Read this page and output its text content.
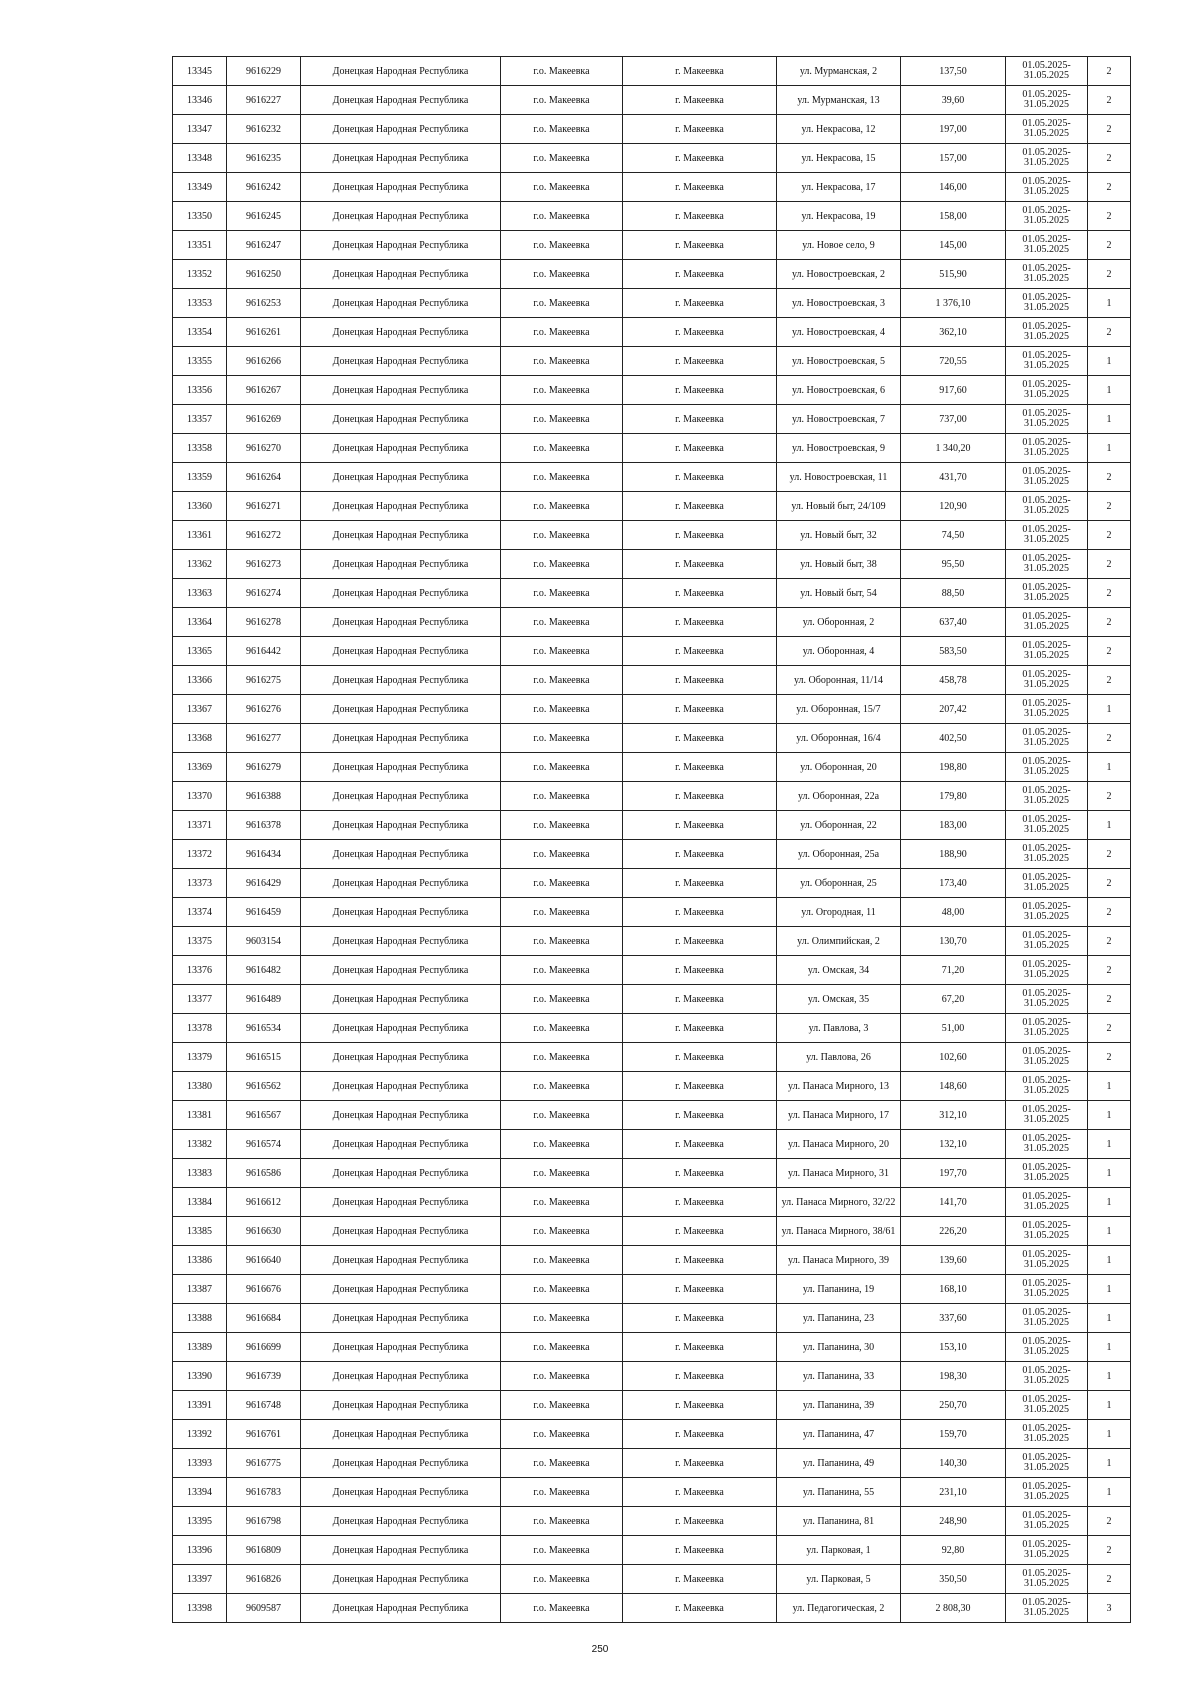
13345	9616229	Донецкая Народная Республика	г.о. Макеевка	г. Макеевка	ул. Мурманская, 2	137,50	01.05.2025- 31.05.2025	2
13346	9616227	Донецкая Народная Республика	г.о. Макеевка	г. Макеевка	ул. Мурманская, 13	39,60	01.05.2025- 31.05.2025	2
13347	9616232	Донецкая Народная Республика	г.о. Макеевка	г. Макеевка	ул. Некрасова, 12	197,00	01.05.2025- 31.05.2025	2
13348	9616235	Донецкая Народная Республика	г.о. Макеевка	г. Макеевка	ул. Некрасова, 15	157,00	01.05.2025- 31.05.2025	2
13349	9616242	Донецкая Народная Республика	г.о. Макеевка	г. Макеевка	ул. Некрасова, 17	146,00	01.05.2025- 31.05.2025	2
13350	9616245	Донецкая Народная Республика	г.о. Макеевка	г. Макеевка	ул. Некрасова, 19	158,00	01.05.2025- 31.05.2025	2
13351	9616247	Донецкая Народная Республика	г.о. Макеевка	г. Макеевка	ул. Новое село, 9	145,00	01.05.2025- 31.05.2025	2
13352	9616250	Донецкая Народная Республика	г.о. Макеевка	г. Макеевка	ул. Новостроевская, 2	515,90	01.05.2025- 31.05.2025	2
13353	9616253	Донецкая Народная Республика	г.о. Макеевка	г. Макеевка	ул. Новостроевская, 3	1 376,10	01.05.2025- 31.05.2025	1
13354	9616261	Донецкая Народная Республика	г.о. Макеевка	г. Макеевка	ул. Новостроевская, 4	362,10	01.05.2025- 31.05.2025	2
13355	9616266	Донецкая Народная Республика	г.о. Макеевка	г. Макеевка	ул. Новостроевская, 5	720,55	01.05.2025- 31.05.2025	1
13356	9616267	Донецкая Народная Республика	г.о. Макеевка	г. Макеевка	ул. Новостроевская, 6	917,60	01.05.2025- 31.05.2025	1
13357	9616269	Донецкая Народная Республика	г.о. Макеевка	г. Макеевка	ул. Новостроевская, 7	737,00	01.05.2025- 31.05.2025	1
13358	9616270	Донецкая Народная Республика	г.о. Макеевка	г. Макеевка	ул. Новостроевская, 9	1 340,20	01.05.2025- 31.05.2025	1
13359	9616264	Донецкая Народная Республика	г.о. Макеевка	г. Макеевка	ул. Новостроевская, 11	431,70	01.05.2025- 31.05.2025	2
13360	9616271	Донецкая Народная Республика	г.о. Макеевка	г. Макеевка	ул. Новый быт, 24/109	120,90	01.05.2025- 31.05.2025	2
13361	9616272	Донецкая Народная Республика	г.о. Макеевка	г. Макеевка	ул. Новый быт, 32	74,50	01.05.2025- 31.05.2025	2
13362	9616273	Донецкая Народная Республика	г.о. Макеевка	г. Макеевка	ул. Новый быт, 38	95,50	01.05.2025- 31.05.2025	2
13363	9616274	Донецкая Народная Республика	г.о. Макеевка	г. Макеевка	ул. Новый быт, 54	88,50	01.05.2025- 31.05.2025	2
13364	9616278	Донецкая Народная Республика	г.о. Макеевка	г. Макеевка	ул. Оборонная, 2	637,40	01.05.2025- 31.05.2025	2
13365	9616442	Донецкая Народная Республика	г.о. Макеевка	г. Макеевка	ул. Оборонная, 4	583,50	01.05.2025- 31.05.2025	2
13366	9616275	Донецкая Народная Республика	г.о. Макеевка	г. Макеевка	ул. Оборонная, 11/14	458,78	01.05.2025- 31.05.2025	2
13367	9616276	Донецкая Народная Республика	г.о. Макеевка	г. Макеевка	ул. Оборонная, 15/7	207,42	01.05.2025- 31.05.2025	1
13368	9616277	Донецкая Народная Республика	г.о. Макеевка	г. Макеевка	ул. Оборонная, 16/4	402,50	01.05.2025- 31.05.2025	2
13369	9616279	Донецкая Народная Республика	г.о. Макеевка	г. Макеевка	ул. Оборонная, 20	198,80	01.05.2025- 31.05.2025	1
13370	9616388	Донецкая Народная Республика	г.о. Макеевка	г. Макеевка	ул. Оборонная, 22а	179,80	01.05.2025- 31.05.2025	2
13371	9616378	Донецкая Народная Республика	г.о. Макеевка	г. Макеевка	ул. Оборонная, 22	183,00	01.05.2025- 31.05.2025	1
13372	9616434	Донецкая Народная Республика	г.о. Макеевка	г. Макеевка	ул. Оборонная, 25а	188,90	01.05.2025- 31.05.2025	2
13373	9616429	Донецкая Народная Республика	г.о. Макеевка	г. Макеевка	ул. Оборонная, 25	173,40	01.05.2025- 31.05.2025	2
13374	9616459	Донецкая Народная Республика	г.о. Макеевка	г. Макеевка	ул. Огородная, 11	48,00	01.05.2025- 31.05.2025	2
13375	9603154	Донецкая Народная Республика	г.о. Макеевка	г. Макеевка	ул. Олимпийская, 2	130,70	01.05.2025- 31.05.2025	2
13376	9616482	Донецкая Народная Республика	г.о. Макеевка	г. Макеевка	ул. Омская, 34	71,20	01.05.2025- 31.05.2025	2
13377	9616489	Донецкая Народная Республика	г.о. Макеевка	г. Макеевка	ул. Омская, 35	67,20	01.05.2025- 31.05.2025	2
13378	9616534	Донецкая Народная Республика	г.о. Макеевка	г. Макеевка	ул. Павлова, 3	51,00	01.05.2025- 31.05.2025	2
13379	9616515	Донецкая Народная Республика	г.о. Макеевка	г. Макеевка	ул. Павлова, 26	102,60	01.05.2025- 31.05.2025	2
13380	9616562	Донецкая Народная Республика	г.о. Макеевка	г. Макеевка	ул. Панаса Мирного, 13	148,60	01.05.2025- 31.05.2025	1
13381	9616567	Донецкая Народная Республика	г.о. Макеевка	г. Макеевка	ул. Панаса Мирного, 17	312,10	01.05.2025- 31.05.2025	1
13382	9616574	Донецкая Народная Республика	г.о. Макеевка	г. Макеевка	ул. Панаса Мирного, 20	132,10	01.05.2025- 31.05.2025	1
13383	9616586	Донецкая Народная Республика	г.о. Макеевка	г. Макеевка	ул. Панаса Мирного, 31	197,70	01.05.2025- 31.05.2025	1
13384	9616612	Донецкая Народная Республика	г.о. Макеевка	г. Макеевка	ул. Панаса Мирного, 32/22	141,70	01.05.2025- 31.05.2025	1
13385	9616630	Донецкая Народная Республика	г.о. Макеевка	г. Макеевка	ул. Панаса Мирного, 38/61	226,20	01.05.2025- 31.05.2025	1
13386	9616640	Донецкая Народная Республика	г.о. Макеевка	г. Макеевка	ул. Панаса Мирного, 39	139,60	01.05.2025- 31.05.2025	1
13387	9616676	Донецкая Народная Республика	г.о. Макеевка	г. Макеевка	ул. Папанина, 19	168,10	01.05.2025- 31.05.2025	1
13388	9616684	Донецкая Народная Республика	г.о. Макеевка	г. Макеевка	ул. Папанина, 23	337,60	01.05.2025- 31.05.2025	1
13389	9616699	Донецкая Народная Республика	г.о. Макеевка	г. Макеевка	ул. Папанина, 30	153,10	01.05.2025- 31.05.2025	1
13390	9616739	Донецкая Народная Республика	г.о. Макеевка	г. Макеевка	ул. Папанина, 33	198,30	01.05.2025- 31.05.2025	1
13391	9616748	Донецкая Народная Республика	г.о. Макеевка	г. Макеевка	ул. Папанина, 39	250,70	01.05.2025- 31.05.2025	1
13392	9616761	Донецкая Народная Республика	г.о. Макеевка	г. Макеевка	ул. Папанина, 47	159,70	01.05.2025- 31.05.2025	1
13393	9616775	Донецкая Народная Республика	г.о. Макеевка	г. Макеевка	ул. Папанина, 49	140,30	01.05.2025- 31.05.2025	1
13394	9616783	Донецкая Народная Республика	г.о. Макеевка	г. Макеевка	ул. Папанина, 55	231,10	01.05.2025- 31.05.2025	1
13395	9616798	Донецкая Народная Республика	г.о. Макеевка	г. Макеевка	ул. Папанина, 81	248,90	01.05.2025- 31.05.2025	2
13396	9616809	Донецкая Народная Республика	г.о. Макеевка	г. Макеевка	ул. Парковая, 1	92,80	01.05.2025- 31.05.2025	2
13397	9616826	Донецкая Народная Республика	г.о. Макеевка	г. Макеевка	ул. Парковая, 5	350,50	01.05.2025- 31.05.2025	2
13398	9609587	Донецкая Народная Республика	г.о. Макеевка	г. Макеевка	ул. Педагогическая, 2	2 808,30	01.05.2025- 31.05.2025	3
250
